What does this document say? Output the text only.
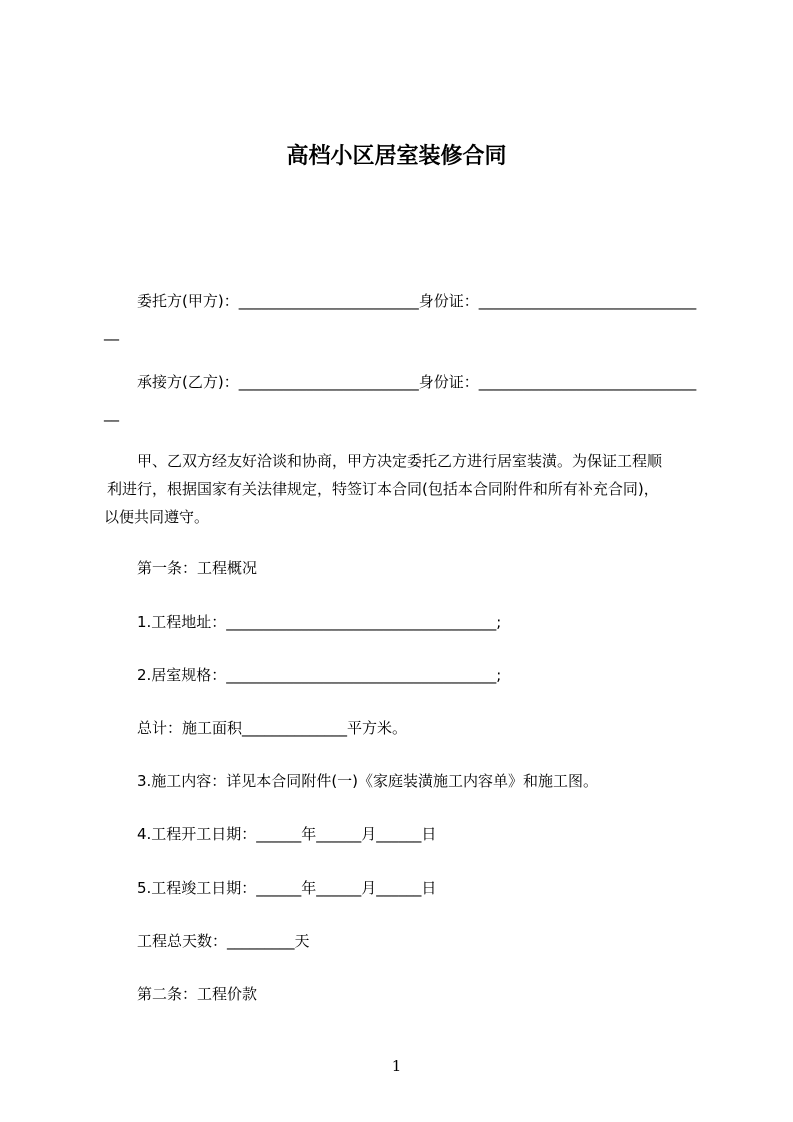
高档小区居室装修合同

委托方(甲方)：________________________身份证：_____________________________

__

承接方(乙方)：________________________身份证：_____________________________

__

甲、乙双方经友好洽谈和协商，甲方决定委托乙方进行居室装潢。为保证工程顺

利进行，根据国家有关法律规定，特签订本合同(包括本合同附件和所有补充合同)，

以便共同遵守。

第一条：工程概况

1.工程地址：____________________________________;

2.居室规格：____________________________________;

总计：施工面积______________平方米。

3.施工内容：详见本合同附件(一)《家庭装潢施工内容单》和施工图。

4.工程开工日期：______年______月______日

5.工程竣工日期：______年______月______日

工程总天数：_________天

第二条：工程价款

1
